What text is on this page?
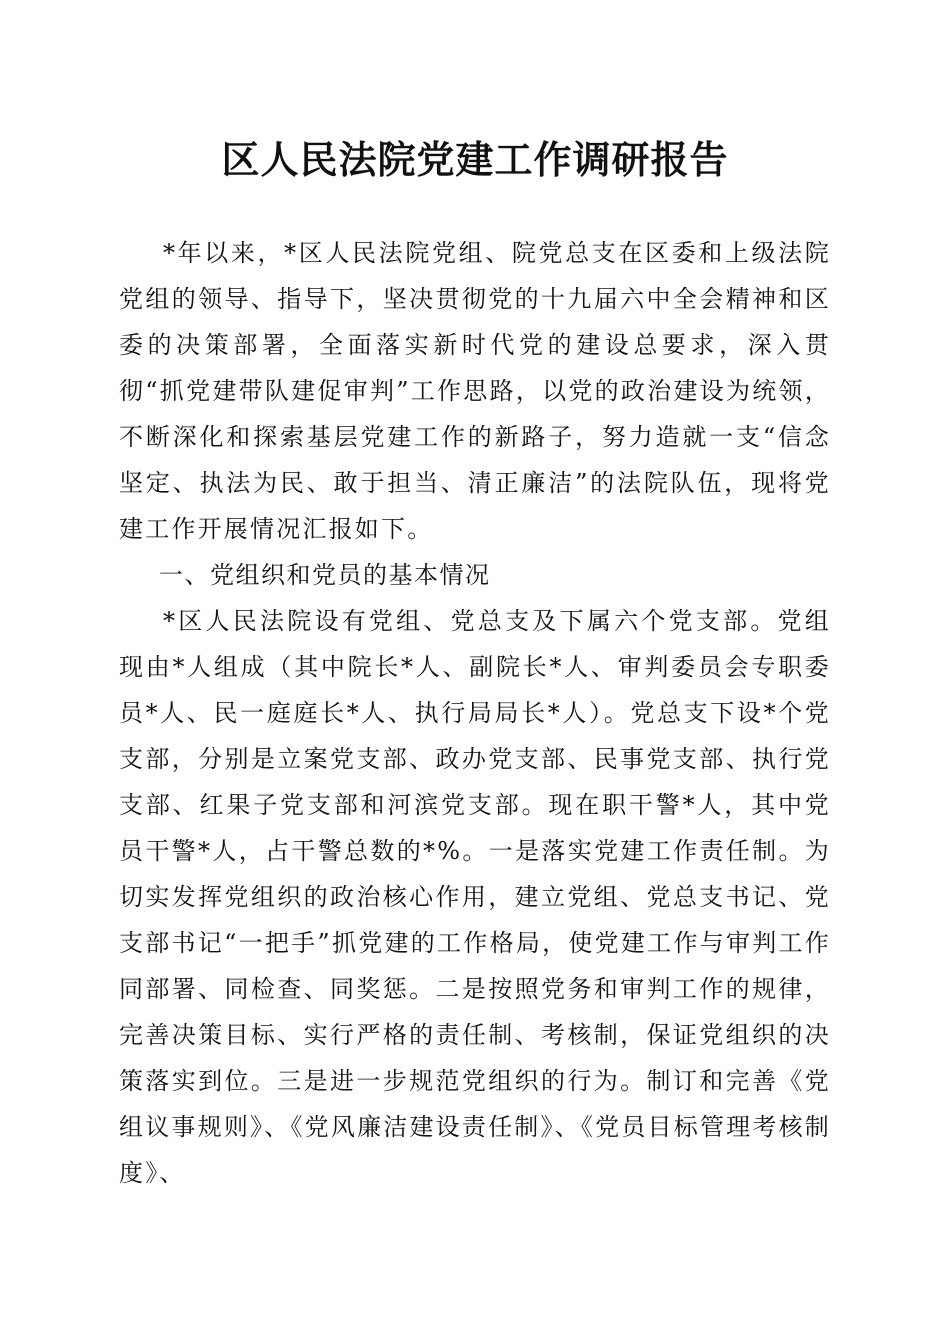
区人民法院党建工作调研报告

*年以来，*区人民法院党组、院党总支在区委和上级法院党组的领导、指导下，坚决贯彻党的十九届六中全会精神和区委的决策部署，全面落实新时代党的建设总要求，深入贯彻“抓党建带队建促审判”工作思路，以党的政治建设为统领，不断深化和探索基层党建工作的新路子，努力造就一支“信念坚定、执法为民、敢于担当、清正廉洁”的法院队伍，现将党建工作开展情况汇报如下。

一、党组织和党员的基本情况

*区人民法院设有党组、党总支及下属六个党支部。党组现由*人组成（其中院长*人、副院长*人、审判委员会专职委员*人、民一庭庭长*人、执行局局长*人）。党总支下设*个党支部，分别是立案党支部、政办党支部、民事党支部、执行党支部、红果子党支部和河滨党支部。现在职干警*人，其中党员干警*人，占干警总数的*%。一是落实党建工作责任制。为切实发挥党组织的政治核心作用，建立党组、党总支书记、党支部书记“一把手”抓党建的工作格局，使党建工作与审判工作同部署、同检查、同奖惩。二是按照党务和审判工作的规律，完善决策目标、实行严格的责任制、考核制，保证党组织的决策落实到位。三是进一步规范党组织的行为。制订和完善《党组议事规则》、《党风廉洁建设责任制》、《党员目标管理考核制度》、
